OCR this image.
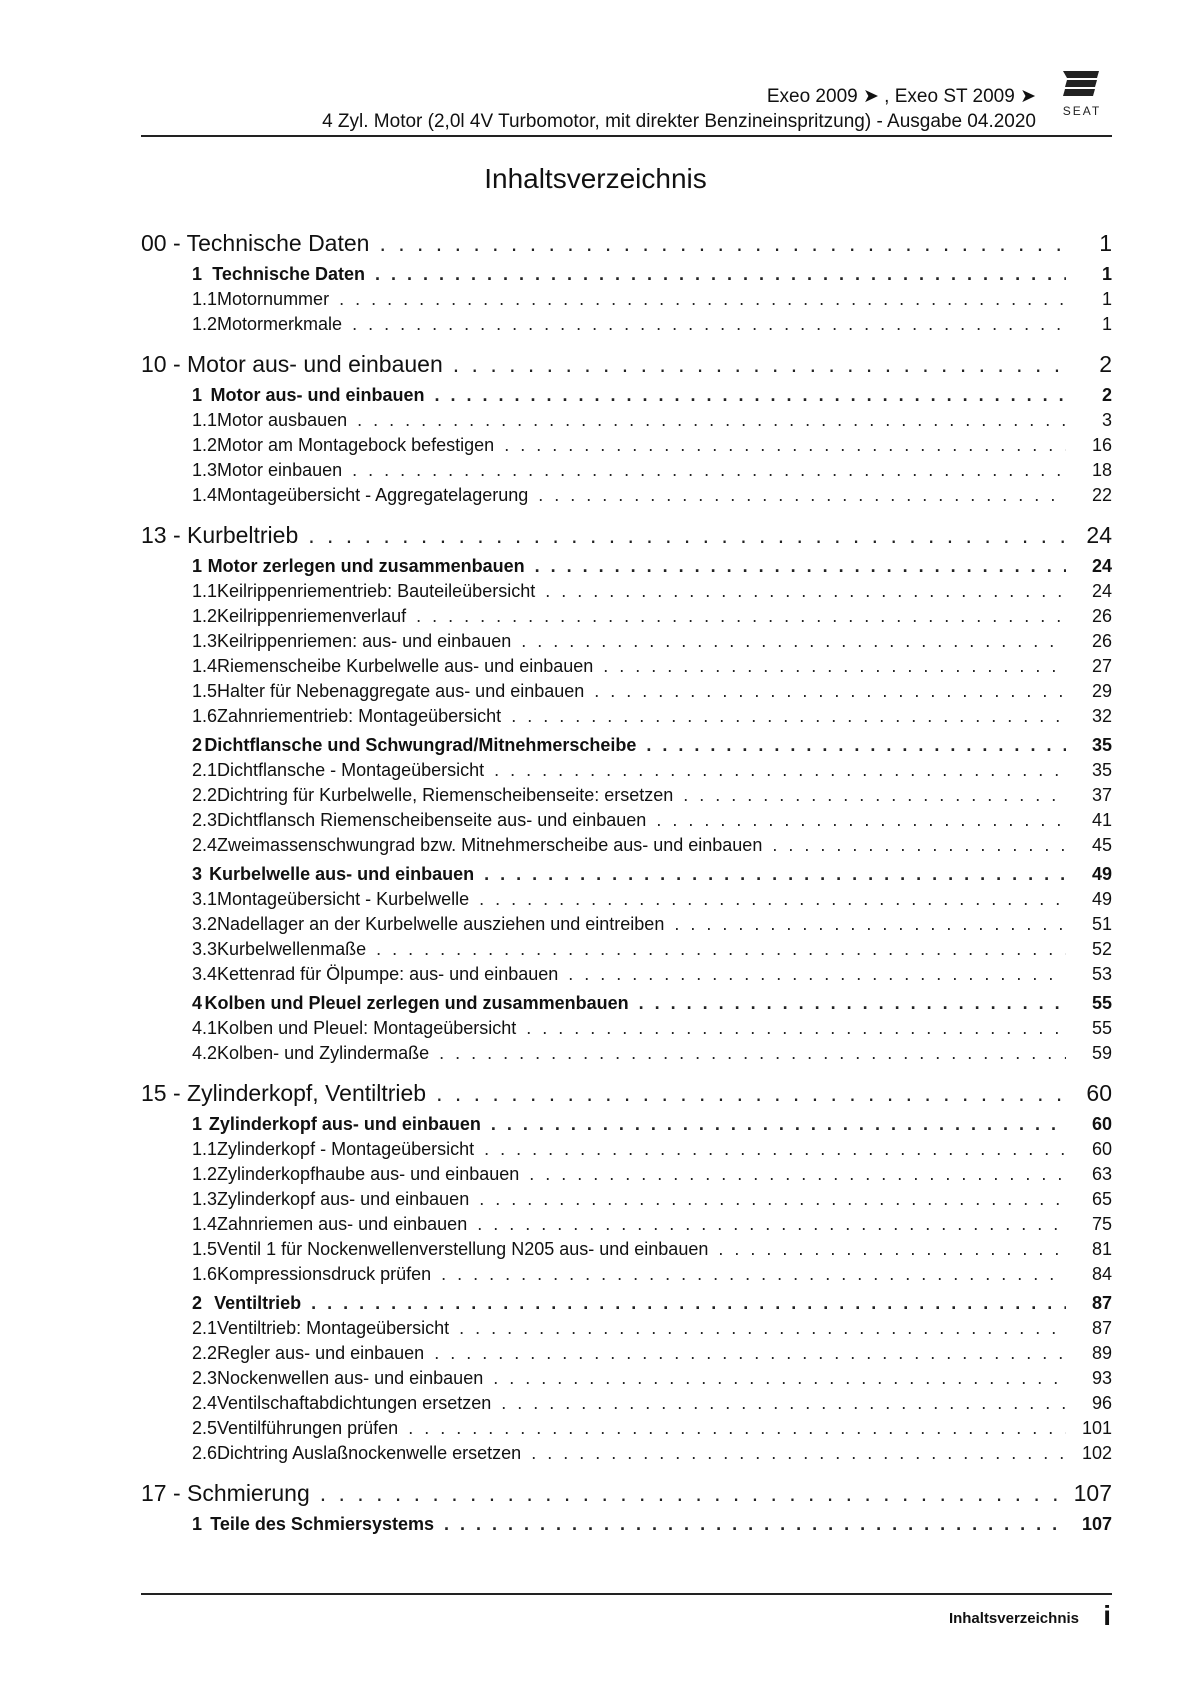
Exeo 2009 ➤ , Exeo ST 2009 ➤
4 Zyl. Motor (2,0l 4V Turbomotor, mit direkter Benzineinspritzung) - Ausgabe 04.2020 SEAT
Inhaltsverzeichnis
00 - Technische Daten . . .	1
1 Technische Daten . . .	1
1.1 Motornummer . . .	1
1.2 Motormerkmale . . .	1
10 - Motor aus- und einbauen . . .	2
1 Motor aus- und einbauen . . .	2
1.1 Motor ausbauen . . .	3
1.2 Motor am Montagebock befestigen . . .	16
1.3 Motor einbauen . . .	18
1.4 Montageübersicht - Aggregatelagerung . . .	22
13 - Kurbeltrieb . . .	24
1 Motor zerlegen und zusammenbauen . . .	24
1.1 Keilrippenriementrieb: Bauteileübersicht . . .	24
1.2 Keilrippenriemenverlauf . . .	26
1.3 Keilrippenriemen: aus- und einbauen . . .	26
1.4 Riemenscheibe Kurbelwelle aus- und einbauen . . .	27
1.5 Halter für Nebenaggregate aus- und einbauen . . .	29
1.6 Zahnriementrieb: Montageübersicht . . .	32
2 Dichtflansche und Schwungrad/Mitnehmerscheibe . . .	35
2.1 Dichtflansche - Montageübersicht . . .	35
2.2 Dichtring für Kurbelwelle, Riemenscheibenseite: ersetzen . . .	37
2.3 Dichtflansch Riemenscheibenseite aus- und einbauen . . .	41
2.4 Zweimassenschwungrad bzw. Mitnehmerscheibe aus- und einbauen . . .	45
3 Kurbelwelle aus- und einbauen . . .	49
3.1 Montageübersicht - Kurbelwelle . . .	49
3.2 Nadellager an der Kurbelwelle ausziehen und eintreiben . . .	51
3.3 Kurbelwellenmaße . . .	52
3.4 Kettenrad für Ölpumpe: aus- und einbauen . . .	53
4 Kolben und Pleuel zerlegen und zusammenbauen . . .	55
4.1 Kolben und Pleuel: Montageübersicht . . .	55
4.2 Kolben- und Zylindermaße . . .	59
15 - Zylinderkopf, Ventiltrieb . . .	60
1 Zylinderkopf aus- und einbauen . . .	60
1.1 Zylinderkopf - Montageübersicht . . .	60
1.2 Zylinderkopfhaube aus- und einbauen . . .	63
1.3 Zylinderkopf aus- und einbauen . . .	65
1.4 Zahnriemen aus- und einbauen . . .	75
1.5 Ventil 1 für Nockenwellenverstellung N205 aus- und einbauen . . .	81
1.6 Kompressionsdruck prüfen . . .	84
2 Ventiltrieb . . .	87
2.1 Ventiltrieb: Montageübersicht . . .	87
2.2 Regler aus- und einbauen . . .	89
2.3 Nockenwellen aus- und einbauen . . .	93
2.4 Ventilschaftabdichtungen ersetzen . . .	96
2.5 Ventilführungen prüfen . . .	101
2.6 Dichtring Auslaßnockenwelle ersetzen . . .	102
17 - Schmierung . . .	107
1 Teile des Schmiersystems . . .	107
Inhaltsverzeichnis i
